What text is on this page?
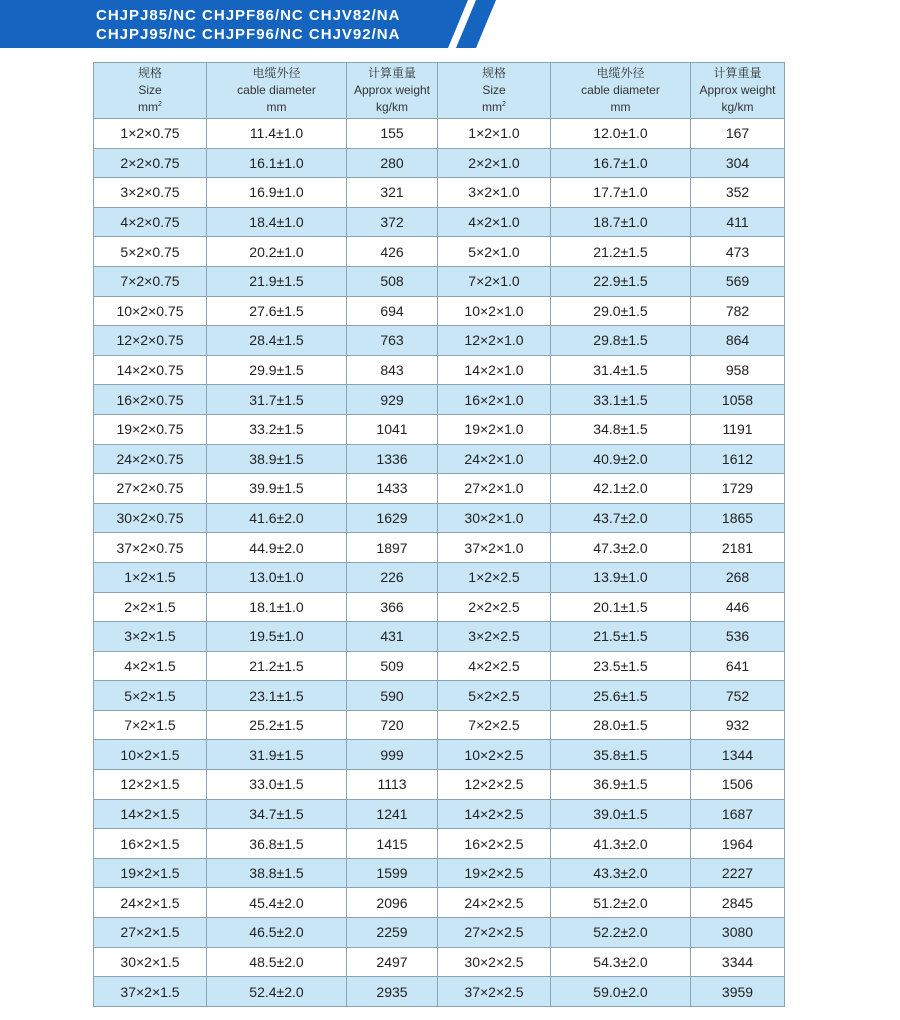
CHJPJ85/NC CHJPF86/NC CHJV82/NA
CHJPJ95/NC CHJPF96/NC CHJV92/NA
规格
Size
$mm^2$	电缆外径
cable diameter
mm	计算重量
Approx weight
kg/km	规格
Size
$mm^2$	电缆外径
cable diameter
mm	计算重量
Approx weight
kg/km

1×2×0.75	11.4±1.0	155	1×2×1.0	12.0±1.0	167
2×2×0.75	16.1±1.0	280	2×2×1.0	16.7±1.0	304
3×2×0.75	16.9±1.0	321	3×2×1.0	17.7±1.0	352
4×2×0.75	18.4±1.0	372	4×2×1.0	18.7±1.0	411
5×2×0.75	20.2±1.0	426	5×2×1.0	21.2±1.5	473
7×2×0.75	21.9±1.5	508	7×2×1.0	22.9±1.5	569
10×2×0.75	27.6±1.5	694	10×2×1.0	29.0±1.5	782
12×2×0.75	28.4±1.5	763	12×2×1.0	29.8±1.5	864
14×2×0.75	29.9±1.5	843	14×2×1.0	31.4±1.5	958
16×2×0.75	31.7±1.5	929	16×2×1.0	33.1±1.5	1058
19×2×0.75	33.2±1.5	1041	19×2×1.0	34.8±1.5	1191
24×2×0.75	38.9±1.5	1336	24×2×1.0	40.9±2.0	1612
27×2×0.75	39.9±1.5	1433	27×2×1.0	42.1±2.0	1729
30×2×0.75	41.6±2.0	1629	30×2×1.0	43.7±2.0	1865
37×2×0.75	44.9±2.0	1897	37×2×1.0	47.3±2.0	2181
1×2×1.5	13.0±1.0	226	1×2×2.5	13.9±1.0	268
2×2×1.5	18.1±1.0	366	2×2×2.5	20.1±1.5	446
3×2×1.5	19.5±1.0	431	3×2×2.5	21.5±1.5	536
4×2×1.5	21.2±1.5	509	4×2×2.5	23.5±1.5	641
5×2×1.5	23.1±1.5	590	5×2×2.5	25.6±1.5	752
7×2×1.5	25.2±1.5	720	7×2×2.5	28.0±1.5	932
10×2×1.5	31.9±1.5	999	10×2×2.5	35.8±1.5	1344
12×2×1.5	33.0±1.5	1113	12×2×2.5	36.9±1.5	1506
14×2×1.5	34.7±1.5	1241	14×2×2.5	39.0±1.5	1687
16×2×1.5	36.8±1.5	1415	16×2×2.5	41.3±2.0	1964
19×2×1.5	38.8±1.5	1599	19×2×2.5	43.3±2.0	2227
24×2×1.5	45.4±2.0	2096	24×2×2.5	51.2±2.0	2845
27×2×1.5	46.5±2.0	2259	27×2×2.5	52.2±2.0	3080
30×2×1.5	48.5±2.0	2497	30×2×2.5	54.3±2.0	3344
37×2×1.5	52.4±2.0	2935	37×2×2.5	59.0±2.0	3959
